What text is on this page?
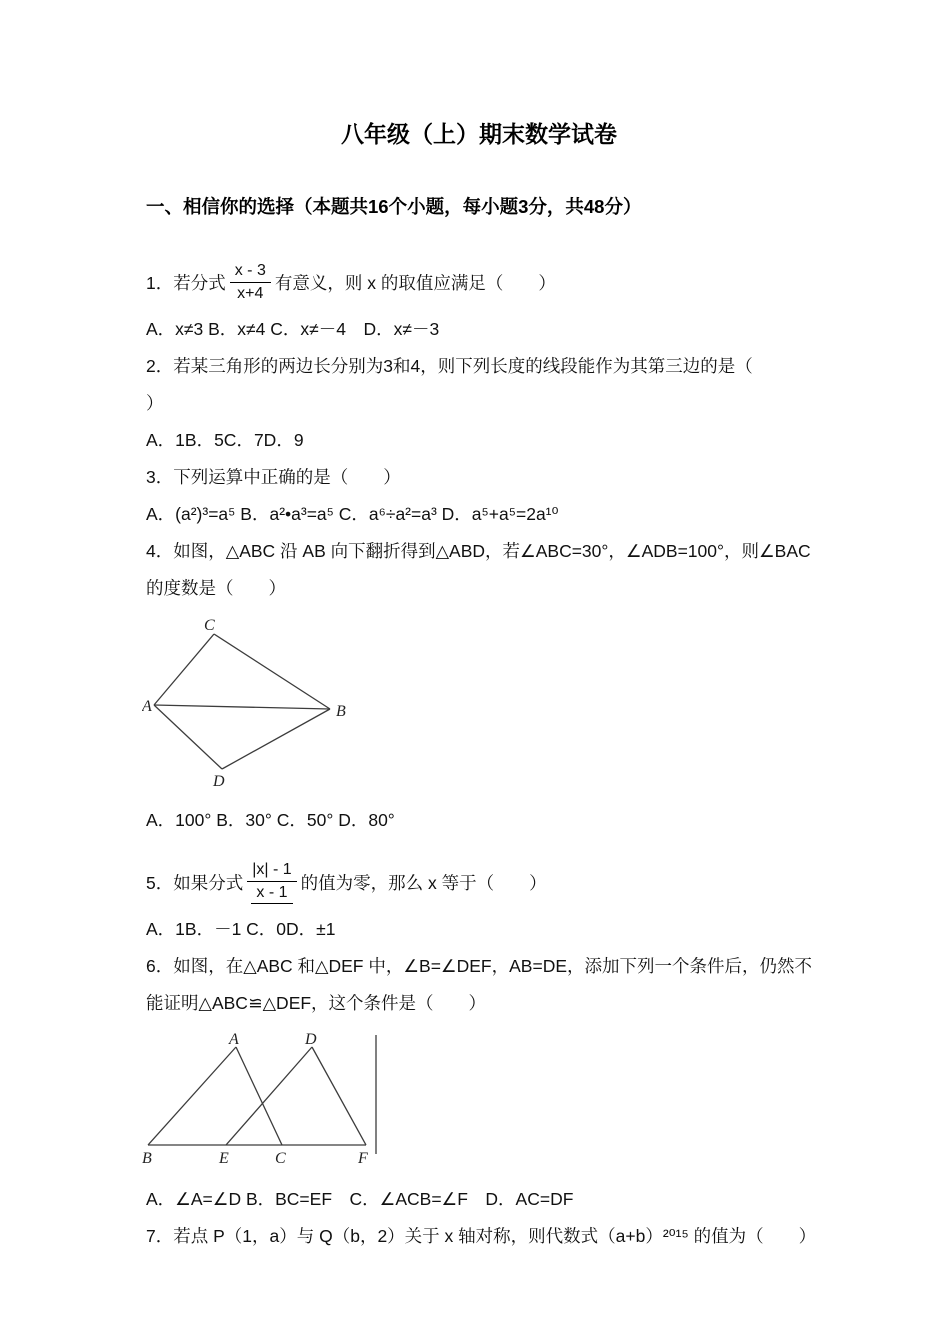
八年级（上）期末数学试卷
一、相信你的选择（本题共16个小题，每小题3分，共48分）
1．若分式 $\frac{x - 3}{x+4}$ 有意义，则 x 的取值应满足（　　）
A．x≠3 B．x≠4 C．x≠－4　D．x≠－3
2．若某三角形的两边长分别为3和4，则下列长度的线段能作为其第三边的是（
）
A．1B．5C．7D．9
3．下列运算中正确的是（　　）
A．(a²)³=a⁵ B．a²•a³=a⁵ C．a⁶÷a²=a³ D．a⁵+a⁵=2a¹⁰
4．如图，△ABC 沿 AB 向下翻折得到△ABD，若∠ABC=30°，∠ADB=100°，则∠BAC
的度数是（　　）
C
A	B
D
A．100° B．30° C．50° D．80°
5．如果分式 $\frac{|x| - 1}{x - 1}$ 的值为零，那么 x 等于（　　）
A．1B．－1 C．0D．±1
6．如图，在△ABC 和△DEF 中，∠B=∠DEF，AB=DE，添加下列一个条件后，仍然不
能证明△ABC≌△DEF，这个条件是（　　）
A	D
B	E	C	F
A．∠A=∠D B．BC=EF　C．∠ACB=∠F　D．AC=DF
7．若点 P（1，a）与 Q（b，2）关于 x 轴对称，则代数式（a+b）²⁰¹⁵ 的值为（　　）
